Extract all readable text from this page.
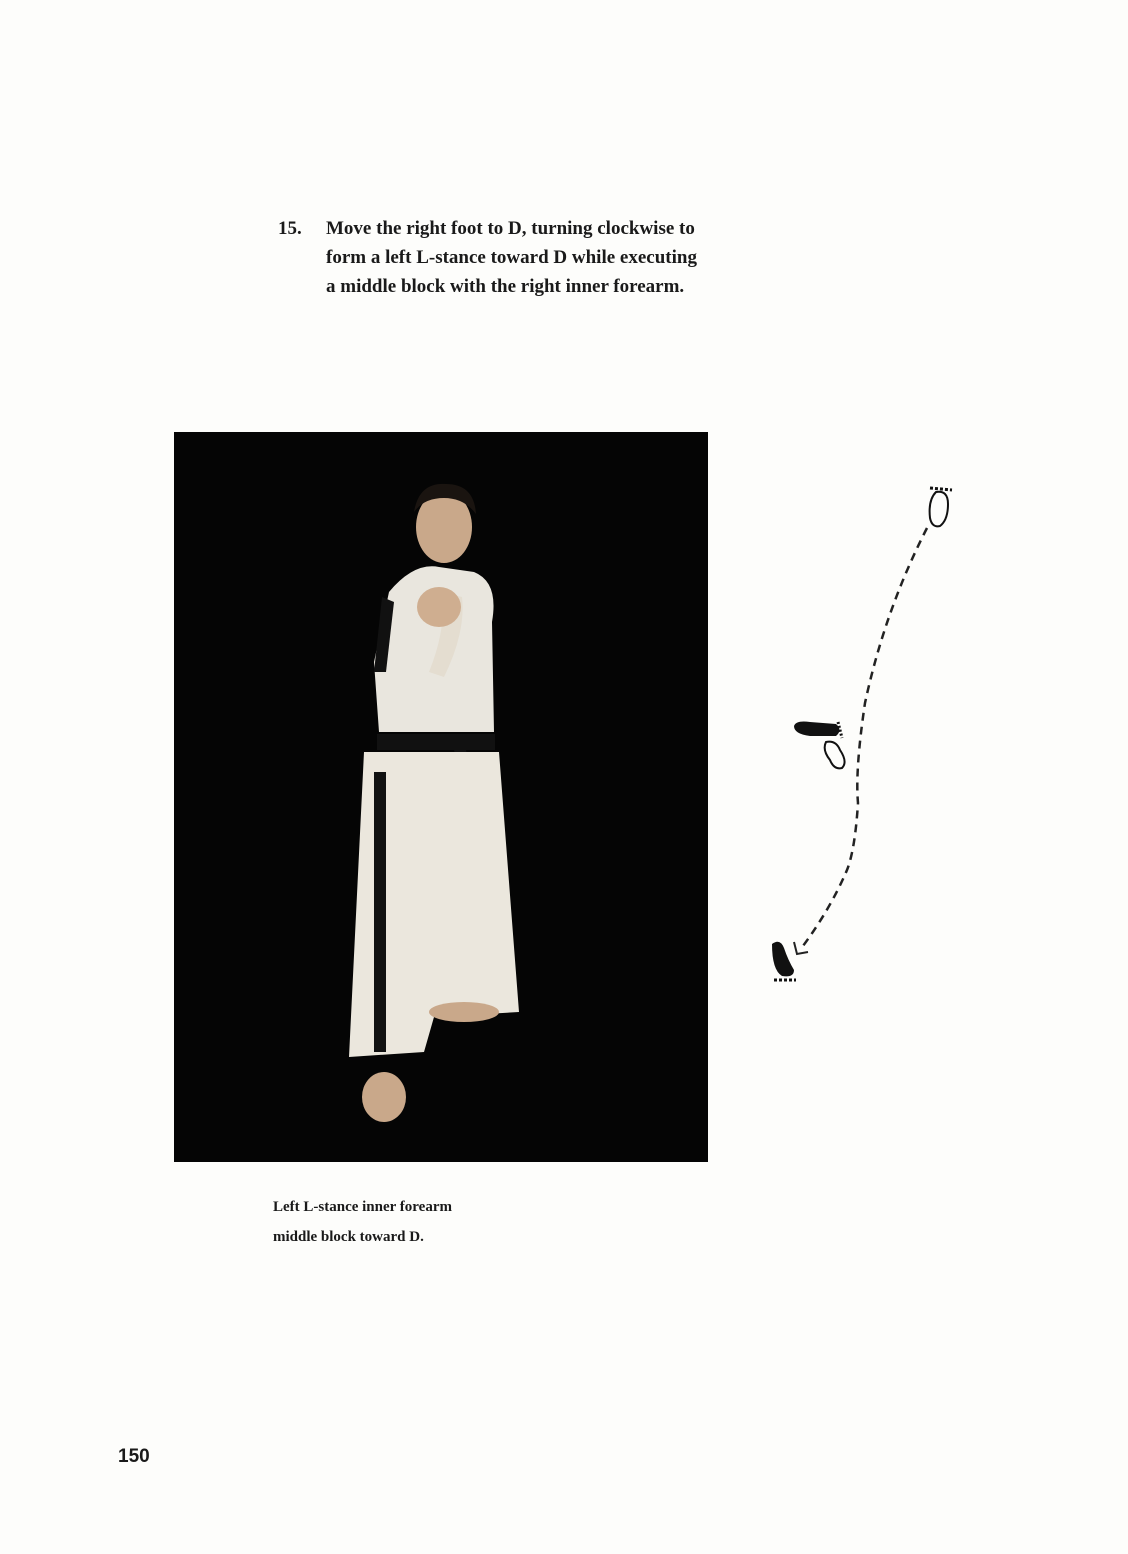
15. Move the right foot to D, turning clockwise to
form a left L-stance toward D while executing
a middle block with the right inner forearm.
Left L-stance inner forearm
middle block toward D.
150
